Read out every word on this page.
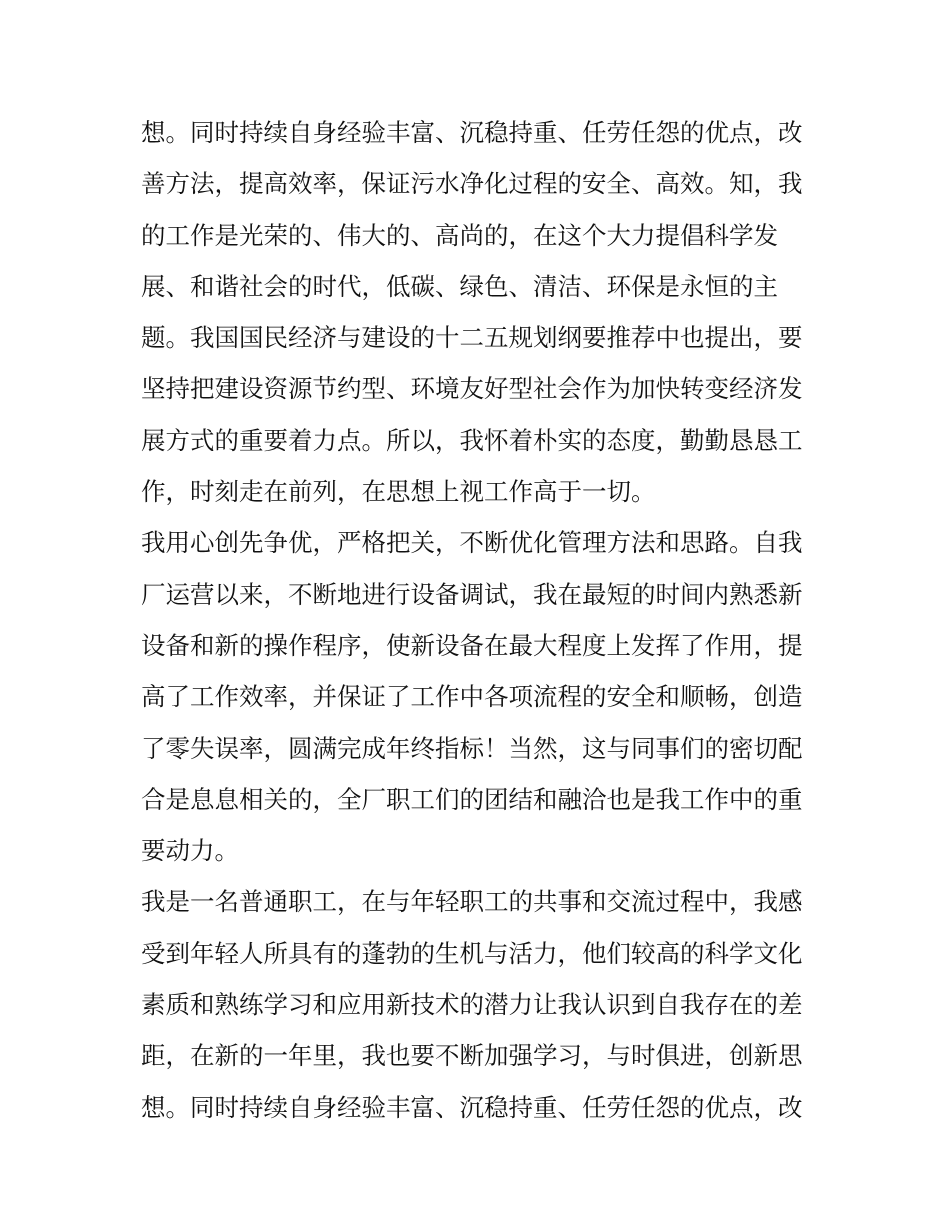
想。同时持续自身经验丰富、沉稳持重、任劳任怨的优点，改

善方法，提高效率，保证污水净化过程的安全、高效。知，我

的工作是光荣的、伟大的、高尚的，在这个大力提倡科学发

展、和谐社会的时代，低碳、绿色、清洁、环保是永恒的主

题。我国国民经济与建设的十二五规划纲要推荐中也提出，要

坚持把建设资源节约型、环境友好型社会作为加快转变经济发

展方式的重要着力点。所以，我怀着朴实的态度，勤勤恳恳工

作，时刻走在前列，在思想上视工作高于一切。

我用心创先争优，严格把关，不断优化管理方法和思路。自我

厂运营以来，不断地进行设备调试，我在最短的时间内熟悉新

设备和新的操作程序，使新设备在最大程度上发挥了作用，提

高了工作效率，并保证了工作中各项流程的安全和顺畅，创造

了零失误率，圆满完成年终指标！当然，这与同事们的密切配

合是息息相关的，全厂职工们的团结和融洽也是我工作中的重

要动力。

我是一名普通职工，在与年轻职工的共事和交流过程中，我感

受到年轻人所具有的蓬勃的生机与活力，他们较高的科学文化

素质和熟练学习和应用新技术的潜力让我认识到自我存在的差

距，在新的一年里，我也要不断加强学习，与时俱进，创新思

想。同时持续自身经验丰富、沉稳持重、任劳任怨的优点，改
